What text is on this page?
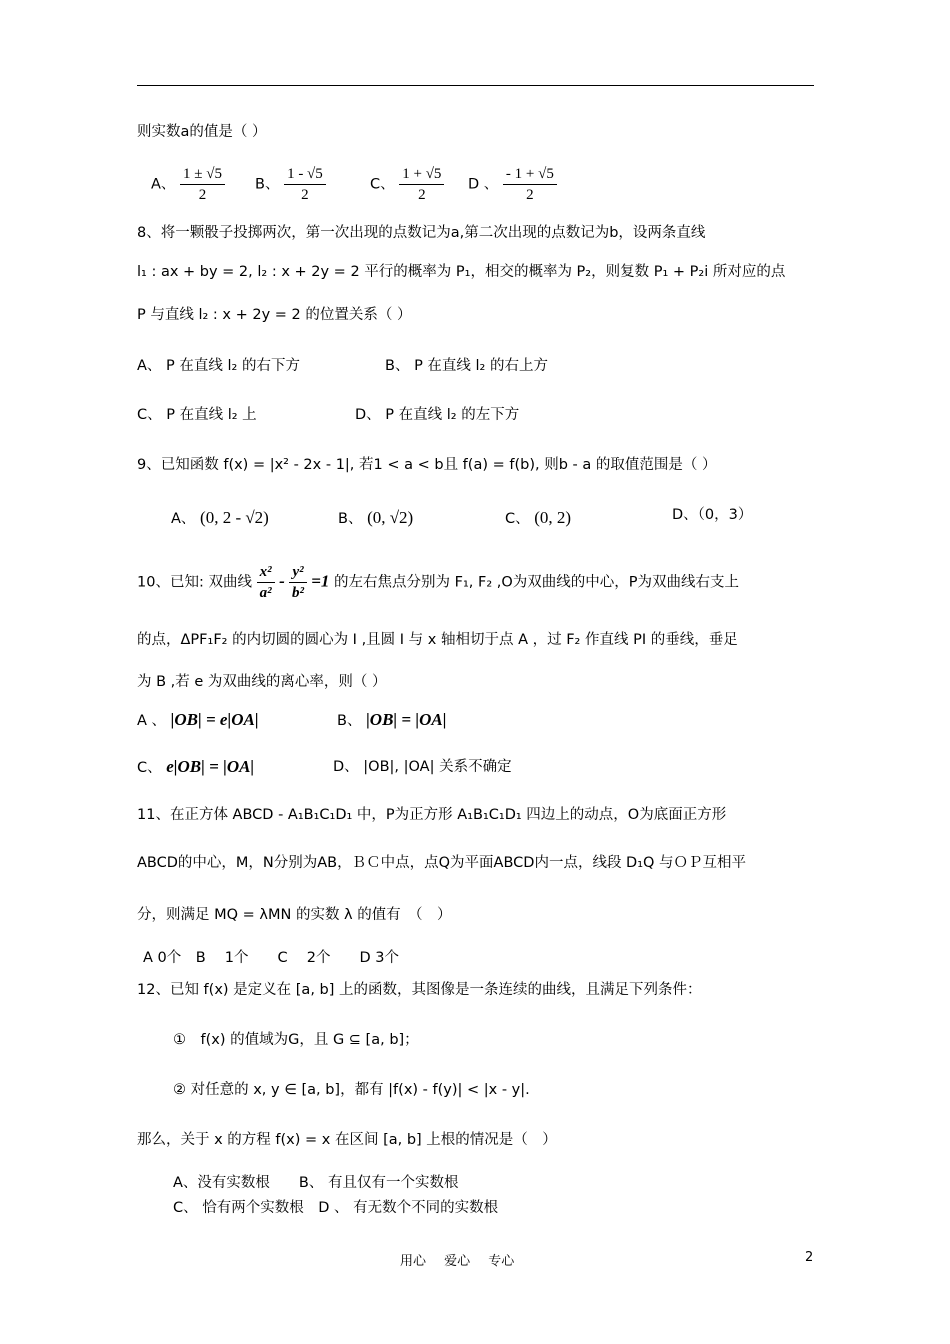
则实数a的值是（ ）
A、 $\frac{1 \pm √5}{2}$ B、 $\frac{1 - √5}{2}$	C、 $\frac{1 + √5}{2}$ D 、 $\frac{- 1 + √5}{2}$
8、将一颗骰子投掷两次，第一次出现的点数记为a,第二次出现的点数记为b，设两条直线
l₁ : ax + by = 2, l₂ : x + 2y = 2 平行的概率为 P₁，相交的概率为 P₂，则复数 P₁ + P₂i 所对应的点
P 与直线 l₂ : x + 2y = 2 的位置关系（ ）
A、 P 在直线 l₂ 的右下方	B、 P 在直线 l₂ 的右上方
C、 P 在直线 l₂ 上	D、 P 在直线 l₂ 的左下方
9、已知函数 f(x) = |x² - 2x - 1|, 若1 < a < b且 f(a) = f(b), 则b - a 的取值范围是（ ）
A、 (0, 2 - √2)	B、 (0, √2)	C、 (0, 2)	D、（0，3）
10、已知: 双曲线 $\frac{\text{x²}}{\text{a²}} - \frac{\text{y²}}{\text{b²}} =1$ 的左右焦点分别为 F₁, F₂ ,O为双曲线的中心，P为双曲线右支上
的点，ΔPF₁F₂ 的内切圆的圆心为 I ,且圆 I 与 x 轴相切于点 A ，过 F₂ 作直线 PI 的垂线，垂足
为 B ,若 e 为双曲线的离心率，则（ ）
A 、 |OB| = e|OA|	B、 |OB| = |OA|
C、 e|OB| = |OA|	D、 |OB|, |OA| 关系不确定
11、在正方体 ABCD - A₁B₁C₁D₁ 中，P为正方形 A₁B₁C₁D₁ 四边上的动点，O为底面正方形
ABCD的中心，M，N分别为AB，ＢＣ中点，点Q为平面ABCD内一点，线段 D₁Q 与ＯＰ互相平
分，则满足 MQ = λMN 的实数 λ 的值有　（　）
A 0个　B　 1个　　C　 2个　　D 3个
12、已知 f(x) 是定义在 [a, b] 上的函数，其图像是一条连续的曲线，且满足下列条件：
①　f(x) 的值域为G，且 G ⊆ [a, b]；
② 对任意的 x, y ∈ [a, b]，都有 |f(x) - f(y)| < |x - y|.
那么，关于 x 的方程 f(x) = x 在区间 [a, b] 上根的情况是（　）
A、没有实数根　　B、 有且仅有一个实数根
C、 恰有两个实数根　D 、 有无数个不同的实数根
用心 爱心 专心	2
